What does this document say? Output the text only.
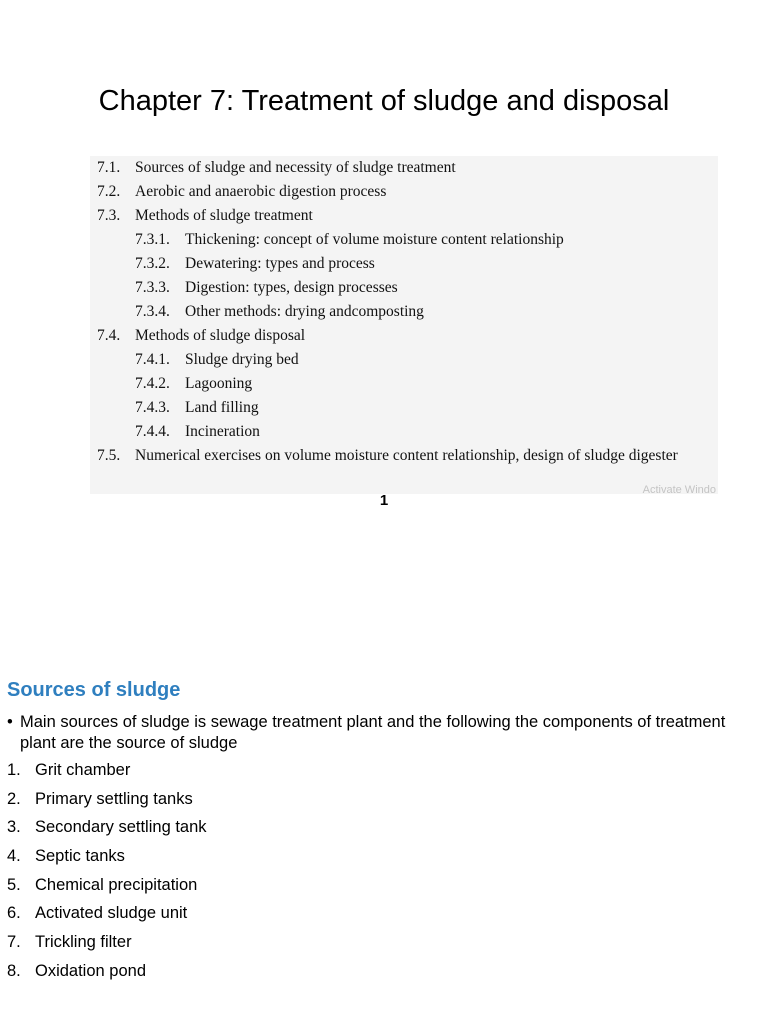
Chapter 7: Treatment of sludge and disposal
7.5. Numerical exercises on volume moisture content relationship, design of sludge digester
7.1. Sources of sludge and necessity of sludge treatment
7.2. Aerobic and anaerobic digestion process
7.3. Methods of sludge treatment
7.3.1. Thickening: concept of volume moisture content relationship
7.3.2. Dewatering: types and process
7.3.3. Digestion: types, design processes
7.3.4. Other methods: drying andcomposting
7.4. Methods of sludge disposal
7.4.1. Sludge drying bed
7.4.2. Lagooning
7.4.3. Land filling
7.4.4. Incineration
Activate Windo
1
Sources of sludge
• Main sources of sludge is sewage treatment plant and the following the components of treatment plant are the source of sludge
1. Grit chamber
2. Primary settling tanks
3. Secondary settling tank
4. Septic tanks
5. Chemical precipitation
6. Activated sludge unit
7. Trickling filter
8. Oxidation pond
